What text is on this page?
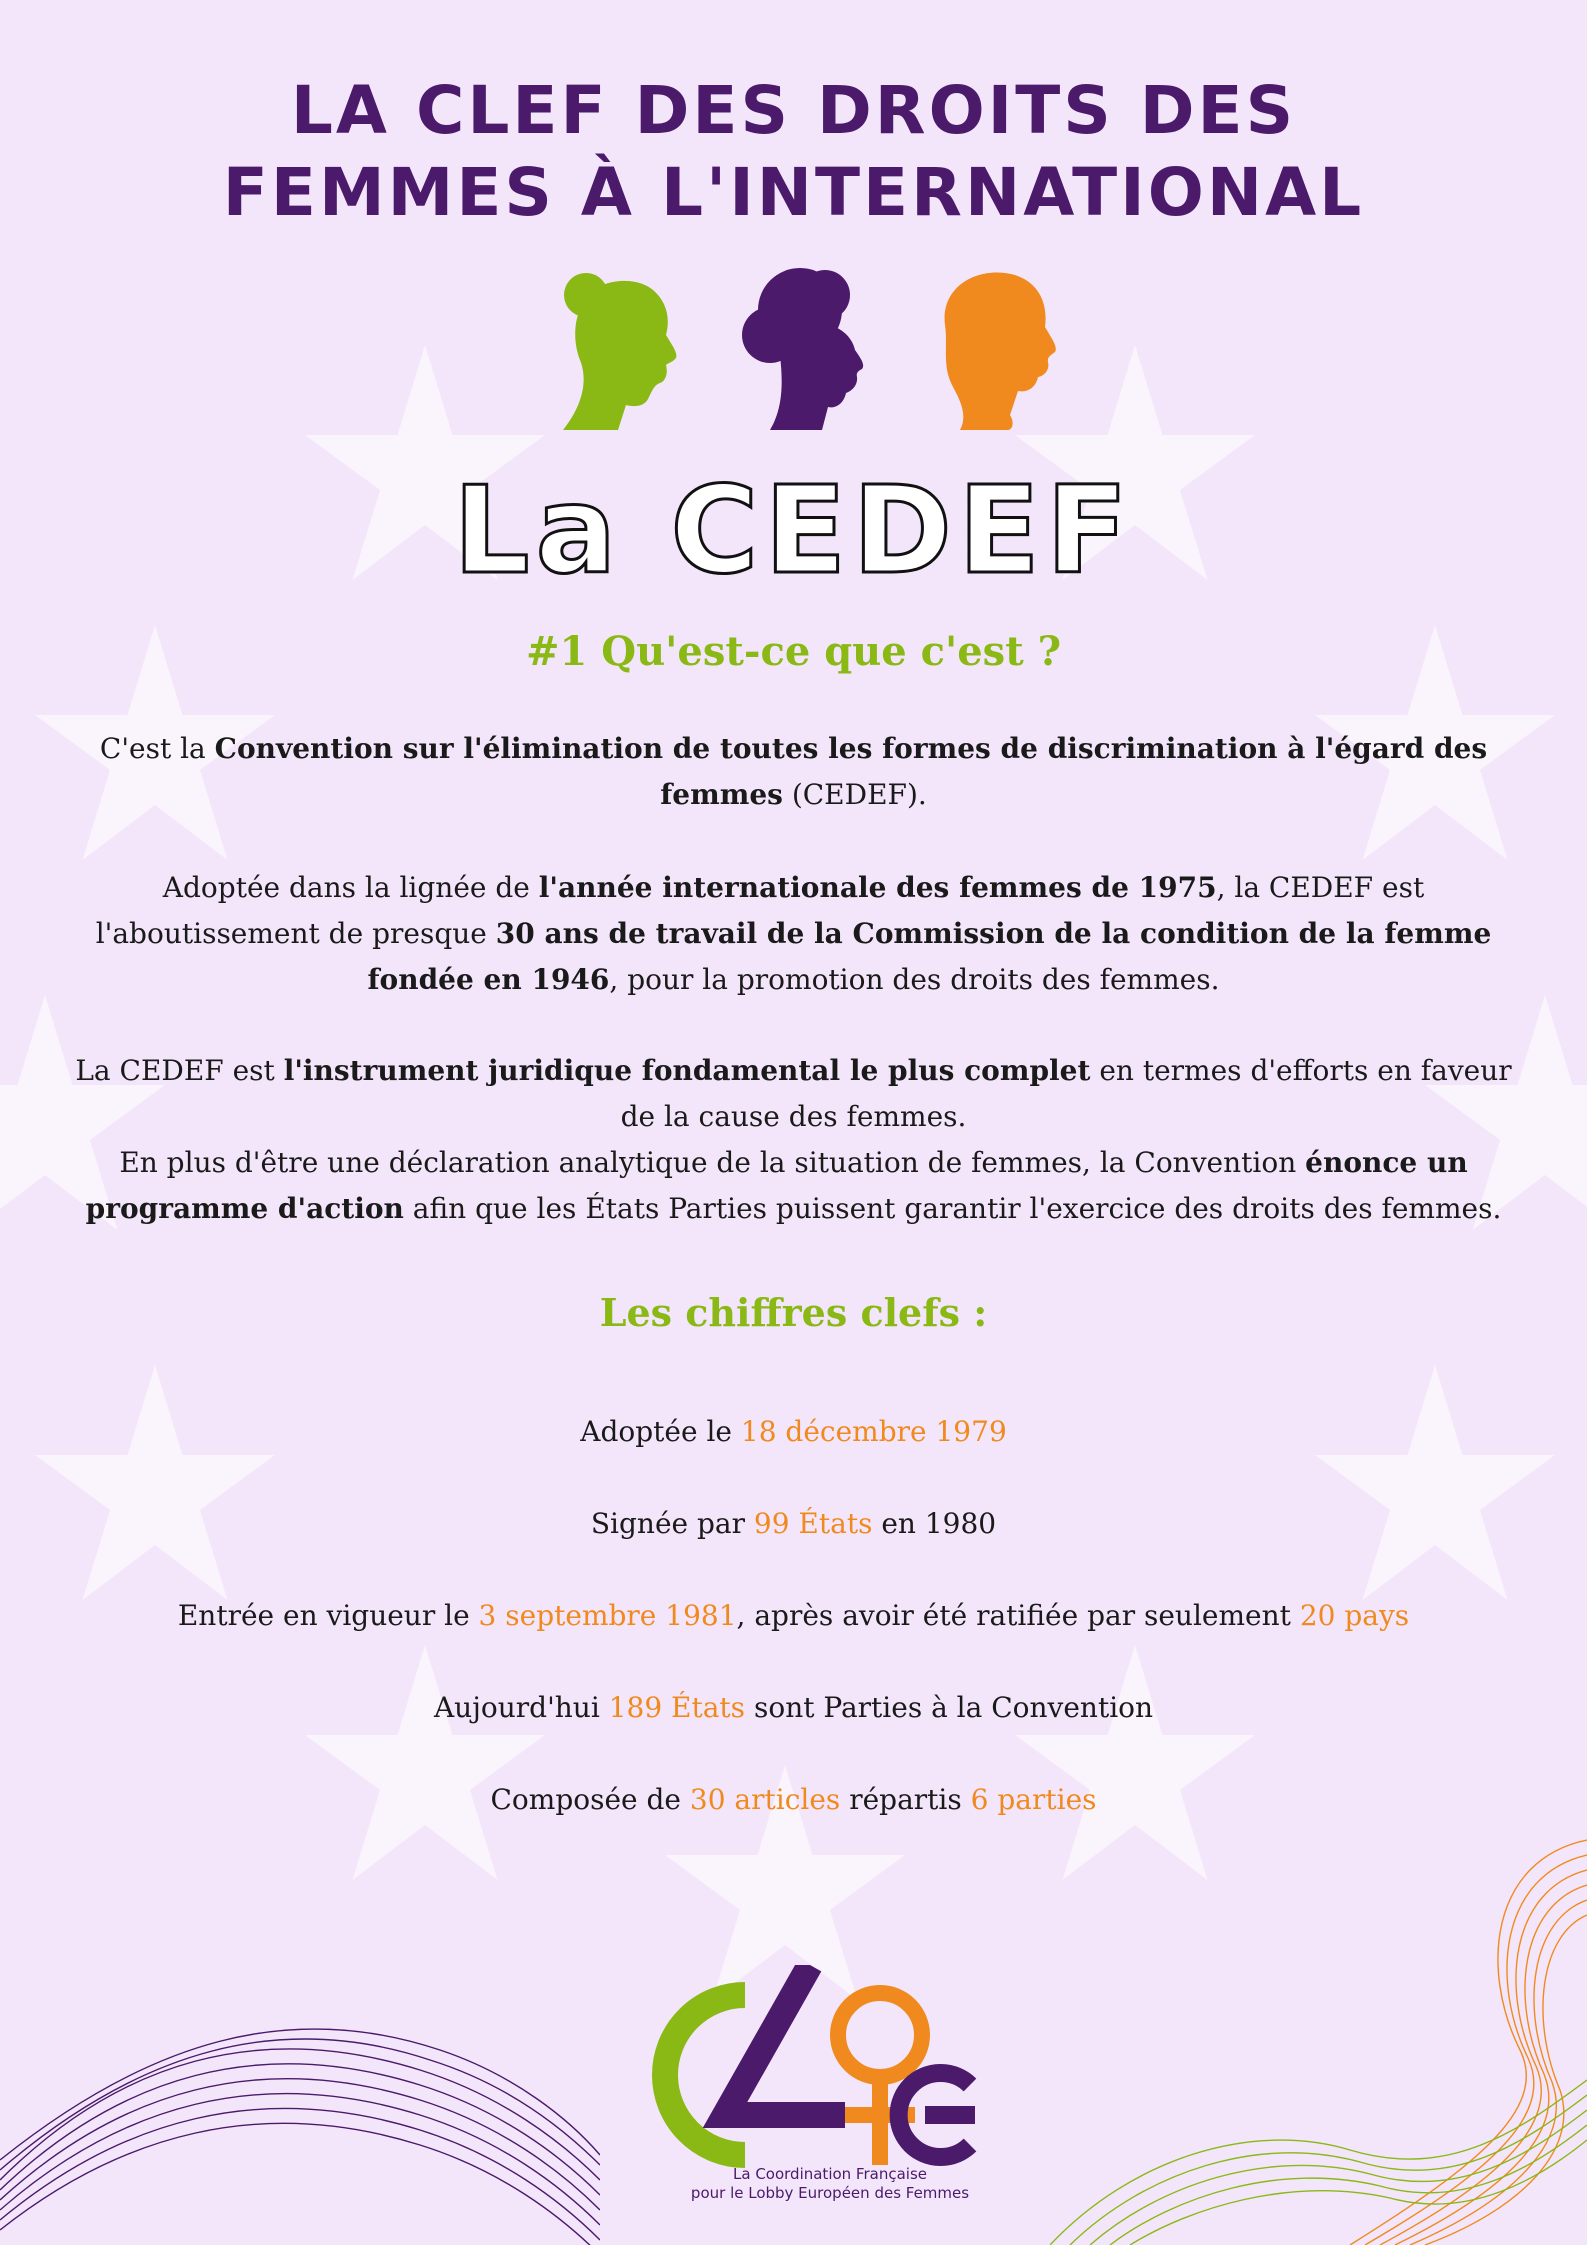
LA CLEF DES DROITS DES
FEMMES À L'INTERNATIONAL
La CEDEF
#1 Qu'est-ce que c'est ?

C'est la Convention sur l'élimination de toutes les formes de discrimination à l'égard des femmes (CEDEF).

Adoptée dans la lignée de l'année internationale des femmes de 1975, la CEDEF est l'aboutissement de presque 30 ans de travail de la Commission de la condition de la femme fondée en 1946, pour la promotion des droits des femmes.

La CEDEF est l'instrument juridique fondamental le plus complet en termes d'efforts en faveur de la cause des femmes.

En plus d'être une déclaration analytique de la situation de femmes, la Convention énonce un programme d'action afin que les États Parties puissent garantir l'exercice des droits des femmes.

Les chiffres clefs :

Adoptée le 18 décembre 1979

Signée par 99 États en 1980

Entrée en vigueur le 3 septembre 1981, après avoir été ratifiée par seulement 20 pays

Aujourd'hui 189 États sont Parties à la Convention

Composée de 30 articles répartis 6 parties

La Coordination Française
pour le Lobby Européen des Femmes
